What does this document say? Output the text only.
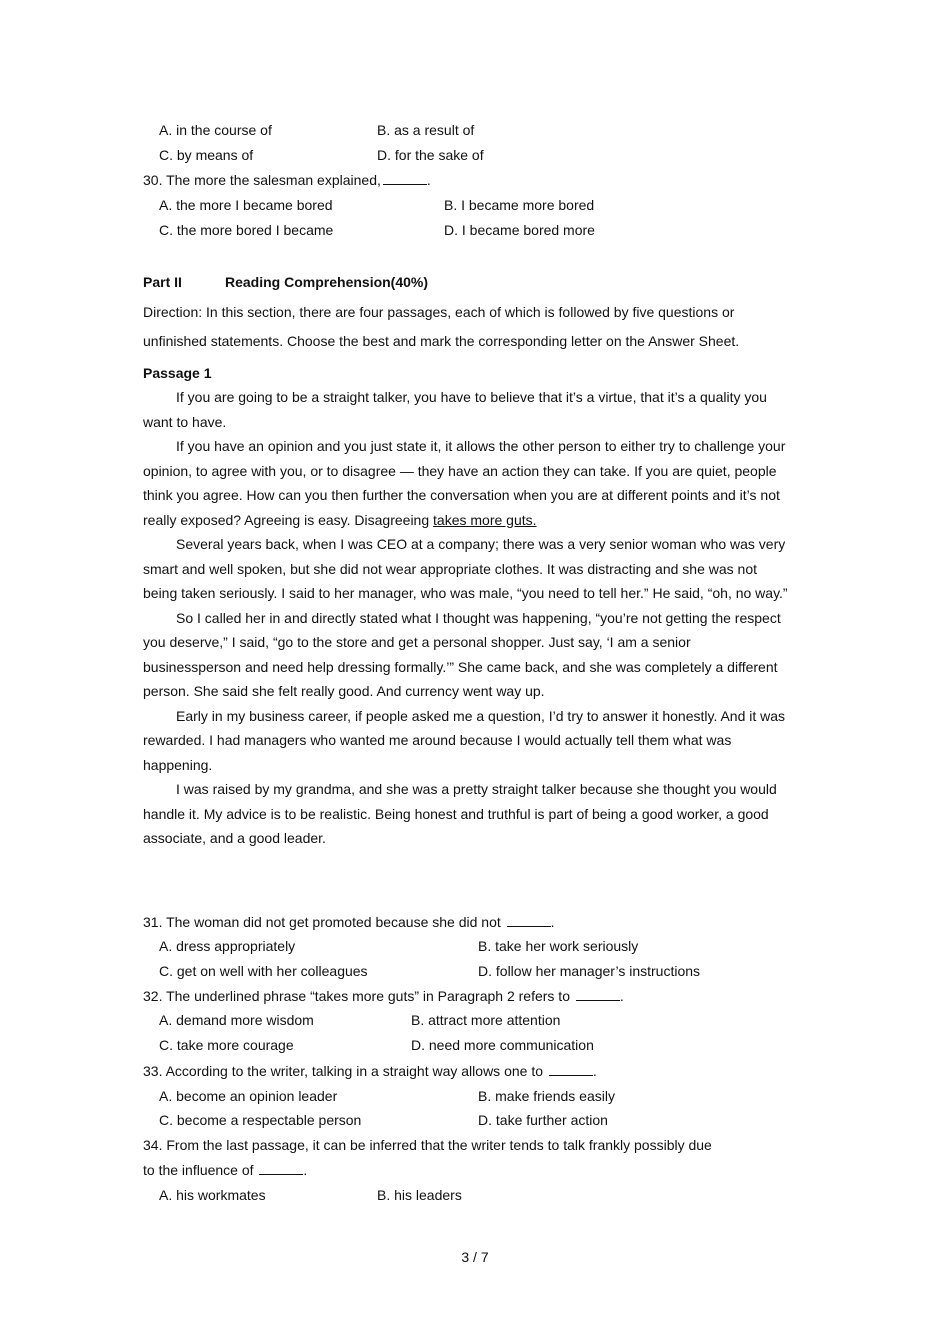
A. in the course of	B. as a result of
C. by means of	D. for the sake of
30. The more the salesman explained,	.
A. the more I became bored	B. I became more bored
C. the more bored I became	D. I became bored more
Part II	Reading Comprehension(40%)
Direction: In this section, there are four passages, each of which is followed by five questions or
unfinished statements. Choose the best and mark the corresponding letter on the Answer Sheet.
Passage 1

If you are going to be a straight talker, you have to believe that it’s a virtue, that it’s a quality you want to have.

If you have an opinion and you just state it, it allows the other person to either try to challenge your opinion, to agree with you, or to disagree — they have an action they can take. If you are quiet, people think you agree. How can you then further the conversation when you are at different points and it’s not really exposed? Agreeing is easy. Disagreeing takes more guts.

Several years back, when I was CEO at a company; there was a very senior woman who was very smart and well spoken, but she did not wear appropriate clothes. It was distracting and she was not being taken seriously. I said to her manager, who was male, “you need to tell her.” He said, “oh, no way.”

So I called her in and directly stated what I thought was happening, “you’re not getting the respect you deserve,” I said, “go to the store and get a personal shopper. Just say, ‘I am a senior businessperson and need help dressing formally.’” She came back, and she was completely a different person. She said she felt really good. And currency went way up.

Early in my business career, if people asked me a question, I’d try to answer it honestly. And it was rewarded. I had managers who wanted me around because I would actually tell them what was happening.

I was raised by my grandma, and she was a pretty straight talker because she thought you would handle it. My advice is to be realistic. Being honest and truthful is part of being a good worker, a good associate, and a good leader.

31. The woman did not get promoted because she did not	.
A. dress appropriately	B. take her work seriously
C. get on well with her colleagues	D. follow her manager’s instructions
32. The underlined phrase “takes more guts” in Paragraph 2 refers to	.
A. demand more wisdom	B. attract more attention
C. take more courage	D. need more communication
33. According to the writer, talking in a straight way allows one to	.
A. become an opinion leader	B. make friends easily
C. become a respectable person	D. take further action
34. From the last passage, it can be inferred that the writer tends to talk frankly possibly due
to the influence of	.
A. his workmates	B. his leaders
3 / 7
